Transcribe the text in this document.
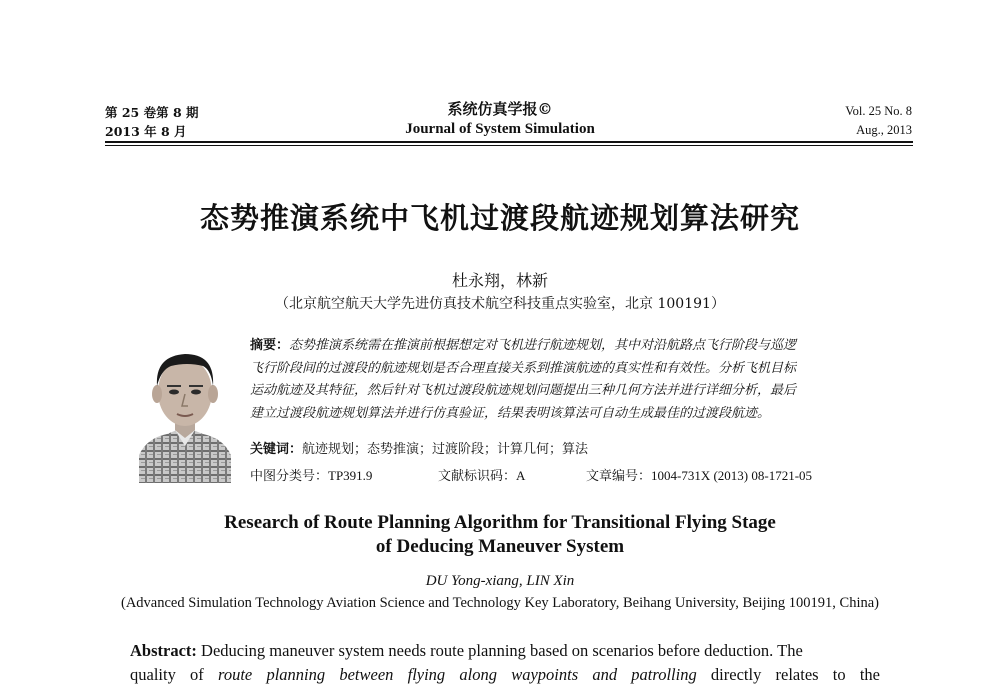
第 25 卷第 8 期
2013 年 8 月
系统仿真学报©
Journal of System Simulation
Vol. 25 No. 8
Aug., 2013
态势推演系统中飞机过渡段航迹规划算法研究
杜永翔，林新
（北京航空航天大学先进仿真技术航空科技重点实验室，北京 100191）
摘要：态势推演系统需在推演前根据想定对飞机进行航迹规划，其中对沿航路点飞行阶段与巡逻
飞行阶段间的过渡段的航迹规划是否合理直接关系到推演航迹的真实性和有效性。分析飞机目标
运动航迹及其特征，然后针对飞机过渡段航迹规划问题提出三种几何方法并进行详细分析，最后
建立过渡段航迹规划算法并进行仿真验证，结果表明该算法可自动生成最佳的过渡段航迹。
关键词：航迹规划；态势推演；过渡阶段；计算几何；算法
中图分类号：TP391.9	文献标识码：A	文章编号：1004-731X (2013) 08-1721-05
Research of Route Planning Algorithm for Transitional Flying Stage
of Deducing Maneuver System
DU Yong-xiang, LIN Xin
(Advanced Simulation Technology Aviation Science and Technology Key Laboratory, Beihang University, Beijing 100191, China)
Abstract: Deducing maneuver system needs route planning based on scenarios before deduction. The
quality of route planning between flying along waypoints and patrolling directly relates to the
